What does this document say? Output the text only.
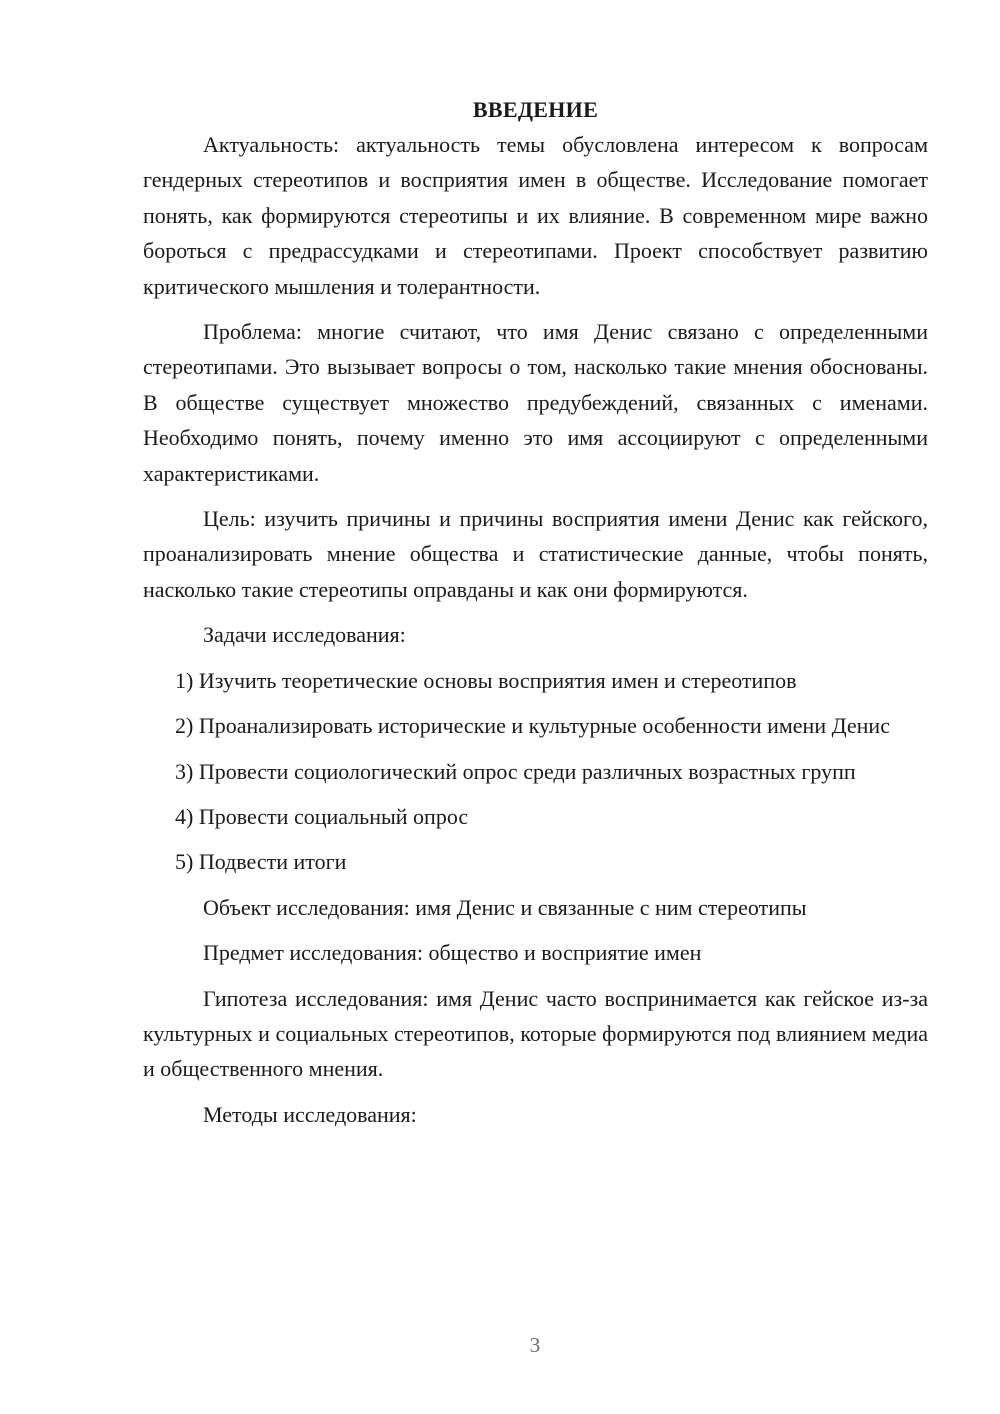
ВВЕДЕНИЕ

Актуальность: актуальность темы обусловлена интересом к вопросам гендерных стереотипов и восприятия имен в обществе. Исследование помогает понять, как формируются стереотипы и их влияние. В современном мире важно бороться с предрассудками и стереотипами. Проект способствует развитию критического мышления и толерантности.

Проблема: многие считают, что имя Денис связано с определенными стереотипами. Это вызывает вопросы о том, насколько такие мнения обоснованы. В обществе существует множество предубеждений, связанных с именами. Необходимо понять, почему именно это имя ассоциируют с определенными характеристиками.

Цель: изучить причины и причины восприятия имени Денис как гейского, проанализировать мнение общества и статистические данные, чтобы понять, насколько такие стереотипы оправданы и как они формируются.

Задачи исследования:

1) Изучить теоретические основы восприятия имен и стереотипов

2) Проанализировать исторические и культурные особенности имени Денис

3) Провести социологический опрос среди различных возрастных групп

4) Провести социальный опрос

5) Подвести итоги

Объект исследования: имя Денис и связанные с ним стереотипы

Предмет исследования: общество и восприятие имен

Гипотеза исследования: имя Денис часто воспринимается как гейское из-за культурных и социальных стереотипов, которые формируются под влиянием медиа и общественного мнения.

Методы исследования:

3
